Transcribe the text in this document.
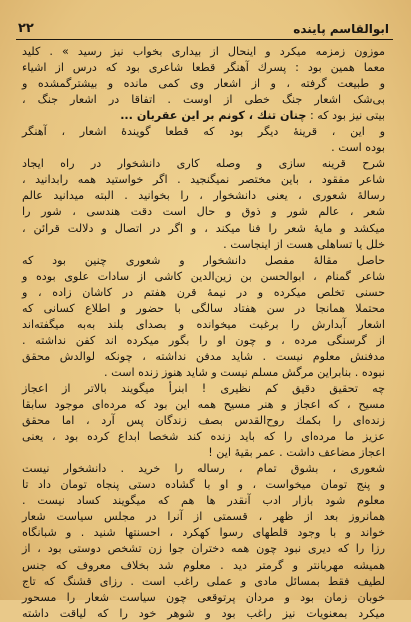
۲۲	ابوالقاسم پاینده
موزون زمزمه میکرد و اینحال از بیداری بخواب نیز رسید » . کلید
معما همین بود : پسرك آهنگر قطعا شاعری بود که درس از اشیاء
و طبیعت گرفته ، و از اشعار وی کمی مانده و بیشترگمشده و
بی‌شک اشعار جنگ خطی از اوست . اتفاقا در اشعار جنگ ،
بیتی نیز بود که : چنان تنك ، كونم بر این عقربان ...
و این ، قرینهٔ دیگر بود که قطعا گویندهٔ اشعار ، آهنگر
بوده است .
شرح قرینه سازی و وصله کاری دانشخوار در راه ایجاد
شاعر مفقود ، باین مختصر نمیگنجید . اگر خواستید همه رابدانید ،
رسالهٔ شعوری ، یعنی دانشخوار ، را بخوانید . البته میدانید عالم
شعر ، عالم شور و ذوق و حال است دقت هندسی ، شور را
میکشد و مایهٔ شعر را فنا میکند ، و اگر در اتصال و دلالت قرائن ،
خلل یا تساهلی هست از اینجاست .
حاصل مقالهٔ مفصل دانشخوار و شعوری چنین بود که
شاعر گمنام ، ابوالحسن بن زین‌الدین کاشی از سادات علوی بوده و
حسنی تخلص میکرده و در نیمهٔ قرن هفتم در کاشان زاده ، و
محتملا همانجا در سن هفتاد سالگی با حضور و اطلاع کسانی که
اشعار آبدارش را برغبت میخوانده و بصدای بلند به‌به میگفته‌اند
از گرسنگی مرده ، و چون او را بگور میکرده اند کفن نداشته .
مدفنش معلوم نیست . شاید مدفن نداشته ، چونکه لوالدش محقق
نبوده . بنابراین مرگش مسلم نیست و شاید هنوز زنده است .
چه تحقیق دقیق کم نظیری ! ابنرأ میگویند بالاتر از اعجاز
مسیح ، که اعجاز و هنر مسیح همه این بود که مرده‌ای موجود سابقا
زنده‌ای را بکمك روح‌القدس بصف زندگان پس آرد ، اما محقق
عزیز ما مرده‌ای را که باید زنده کند شخصا ابداع کرده بود ، یعنی
اعجاز مضاعف داشت . عمر بقیهٔ این !
شعوری ، بشوق تمام ، رساله را خرید . دانشخوار نیست
و پنج تومان میخواست ، و او با گشاده دستی پنجاه تومان داد تا
معلوم شود بازار ادب آنقدر ها هم که میگویند کساد نیست .
همانروز بعد از ظهر ، قسمتی از آنرا در مجلس سیاست شعار
خواند و با وجود قلطهای رسوا کهکرد ، احسنتها شنید . و شبانگاه
رزا را که دیری نبود چون همه دختران جوا زن تشخص دوستی بود ، از
همیشه مهربانتر و گرمتر دید . معلوم شد بخلاف معروف که جنس
لطیف فقط بمسائل مادی و عملی راغب است . رزای قشنگ که تاج
خوبان زمان بود و مردان پرتوقعی چون سیاست شعار را مسحور
میکرد بمعنویات نیز راغب بود و شوهر خود را که لیاقت داشته
